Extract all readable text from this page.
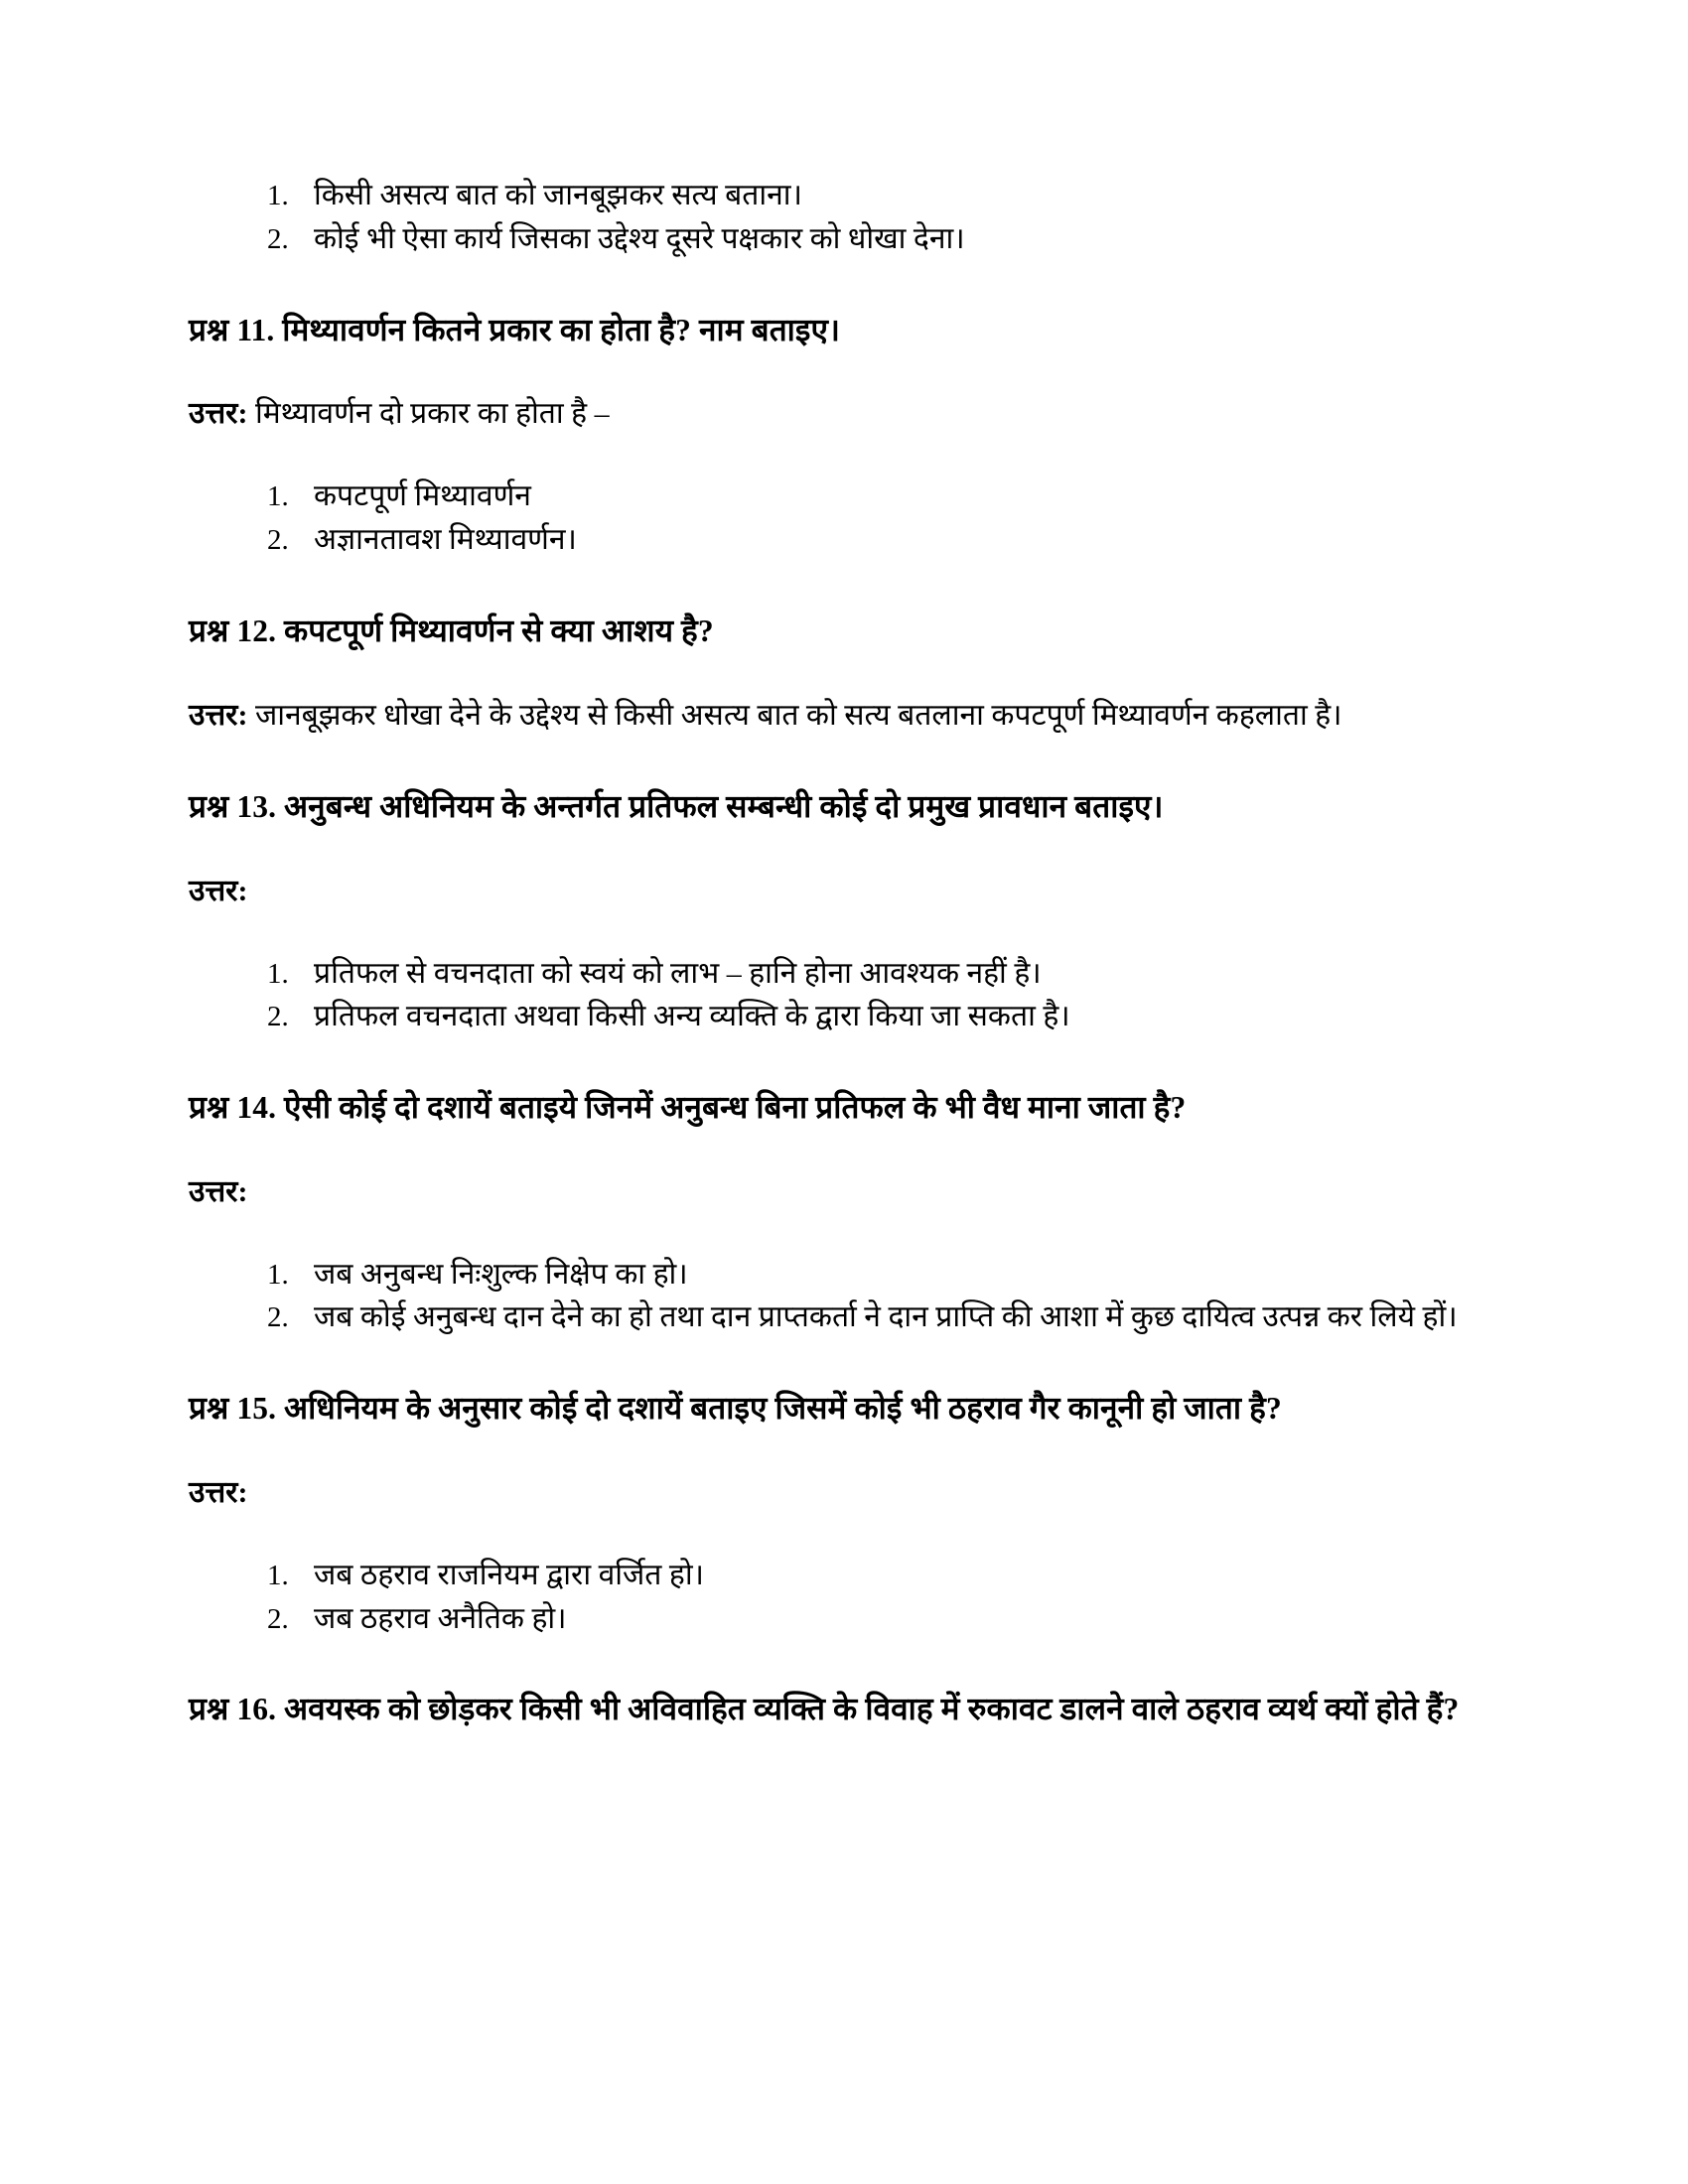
1. किसी असत्य बात को जानबूझकर सत्य बताना।
2. कोई भी ऐसा कार्य जिसका उद्देश्य दूसरे पक्षकार को धोखा देना।
प्रश्न 11. मिथ्यावर्णन कितने प्रकार का होता है? नाम बताइए।

उत्तर: मिथ्यावर्णन दो प्रकार का होता है –

1. कपटपूर्ण मिथ्यावर्णन
2. अज्ञानतावश मिथ्यावर्णन।
प्रश्न 12. कपटपूर्ण मिथ्यावर्णन से क्या आशय है?

उत्तर: जानबूझकर धोखा देने के उद्देश्य से किसी असत्य बात को सत्य बतलाना कपटपूर्ण मिथ्यावर्णन कहलाता है।

प्रश्न 13. अनुबन्ध अधिनियम के अन्तर्गत प्रतिफल सम्बन्धी कोई दो प्रमुख प्रावधान बताइए।

उत्तर:

1. प्रतिफल से वचनदाता को स्वयं को लाभ – हानि होना आवश्यक नहीं है।
2. प्रतिफल वचनदाता अथवा किसी अन्य व्यक्ति के द्वारा किया जा सकता है।
प्रश्न 14. ऐसी कोई दो दशायें बताइये जिनमें अनुबन्ध बिना प्रतिफल के भी वैध माना जाता है?

उत्तर:

1. जब अनुबन्ध निःशुल्क निक्षेप का हो।
2. जब कोई अनुबन्ध दान देने का हो तथा दान प्राप्तकर्ता ने दान प्राप्ति की आशा में कुछ दायित्व उत्पन्न कर लिये हों।
प्रश्न 15. अधिनियम के अनुसार कोई दो दशायें बताइए जिसमें कोई भी ठहराव गैर कानूनी हो जाता है?

उत्तर:

1. जब ठहराव राजनियम द्वारा वर्जित हो।
2. जब ठहराव अनैतिक हो।
प्रश्न 16. अवयस्क को छोड़कर किसी भी अविवाहित व्यक्ति के विवाह में रुकावट डालने वाले ठहराव व्यर्थ क्यों होते हैं?
